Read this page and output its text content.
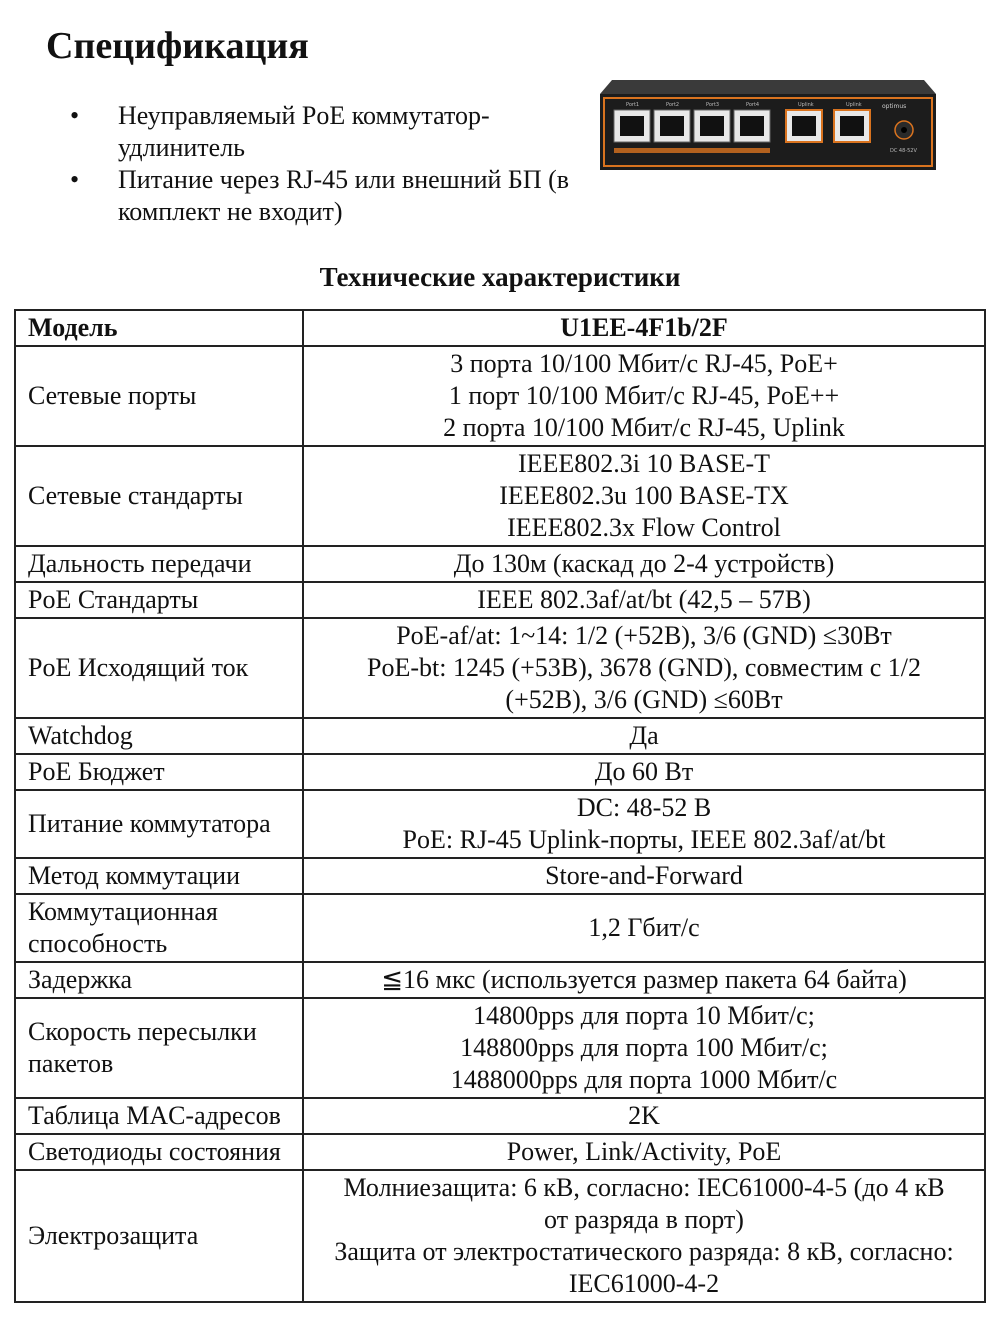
Спецификация
• Неуправляемый PoE коммутатор-удлинитель
• Питание через RJ-45 или внешний БП (в комплект не входит)
Port1	Port2	Port3	Port4	Uplink	Uplink	optimus
DC 48-52V
Технические характеристики
Модель	U1EE-4F1b/2F
Сетевые порты	3 порта 10/100 Мбит/с RJ-45, PoE+
1 порт 10/100 Мбит/с RJ-45, PoE++
2 порта 10/100 Мбит/с RJ-45, Uplink

Сетевые стандарты	IEEE802.3i 10 BASE-T
IEEE802.3u 100 BASE-TX
IEEE802.3x Flow Control

Дальность передачи	До 130м (каскад до 2-4 устройств)

PoE Стандарты	IEEE 802.3af/at/bt (42,5 – 57В)

PoE Исходящий ток	PoE-af/at: 1~14: 1/2 (+52В), 3/6 (GND) ≤30Вт
PoE-bt: 1245 (+53В), 3678 (GND), совместим с 1/2
(+52В), 3/6 (GND) ≤60Вт

Watchdog	Да

PoE Бюджет	До 60 Вт

Питание коммутатора	DC: 48-52 В
PoE: RJ-45 Uplink-порты, IEEE 802.3af/at/bt

Метод коммутации	Store-and-Forward

Коммутационная способность	1,2 Гбит/с

Задержка	≦16 мкс (используется размер пакета 64 байта)

Скорость пересылки пакетов	14800pps для порта 10 Мбит/с;
148800pps для порта 100 Мбит/с;
1488000pps для порта 1000 Мбит/с

Таблица MAC-адресов	2K

Светодиоды состояния	Power, Link/Activity, PoE

Электрозащита	Молниезащита: 6 кВ, согласно: IEC61000-4-5 (до 4 кВ
от разряда в порт)
Защита от электростатического разряда: 8 кВ, согласно:
IEC61000-4-2
